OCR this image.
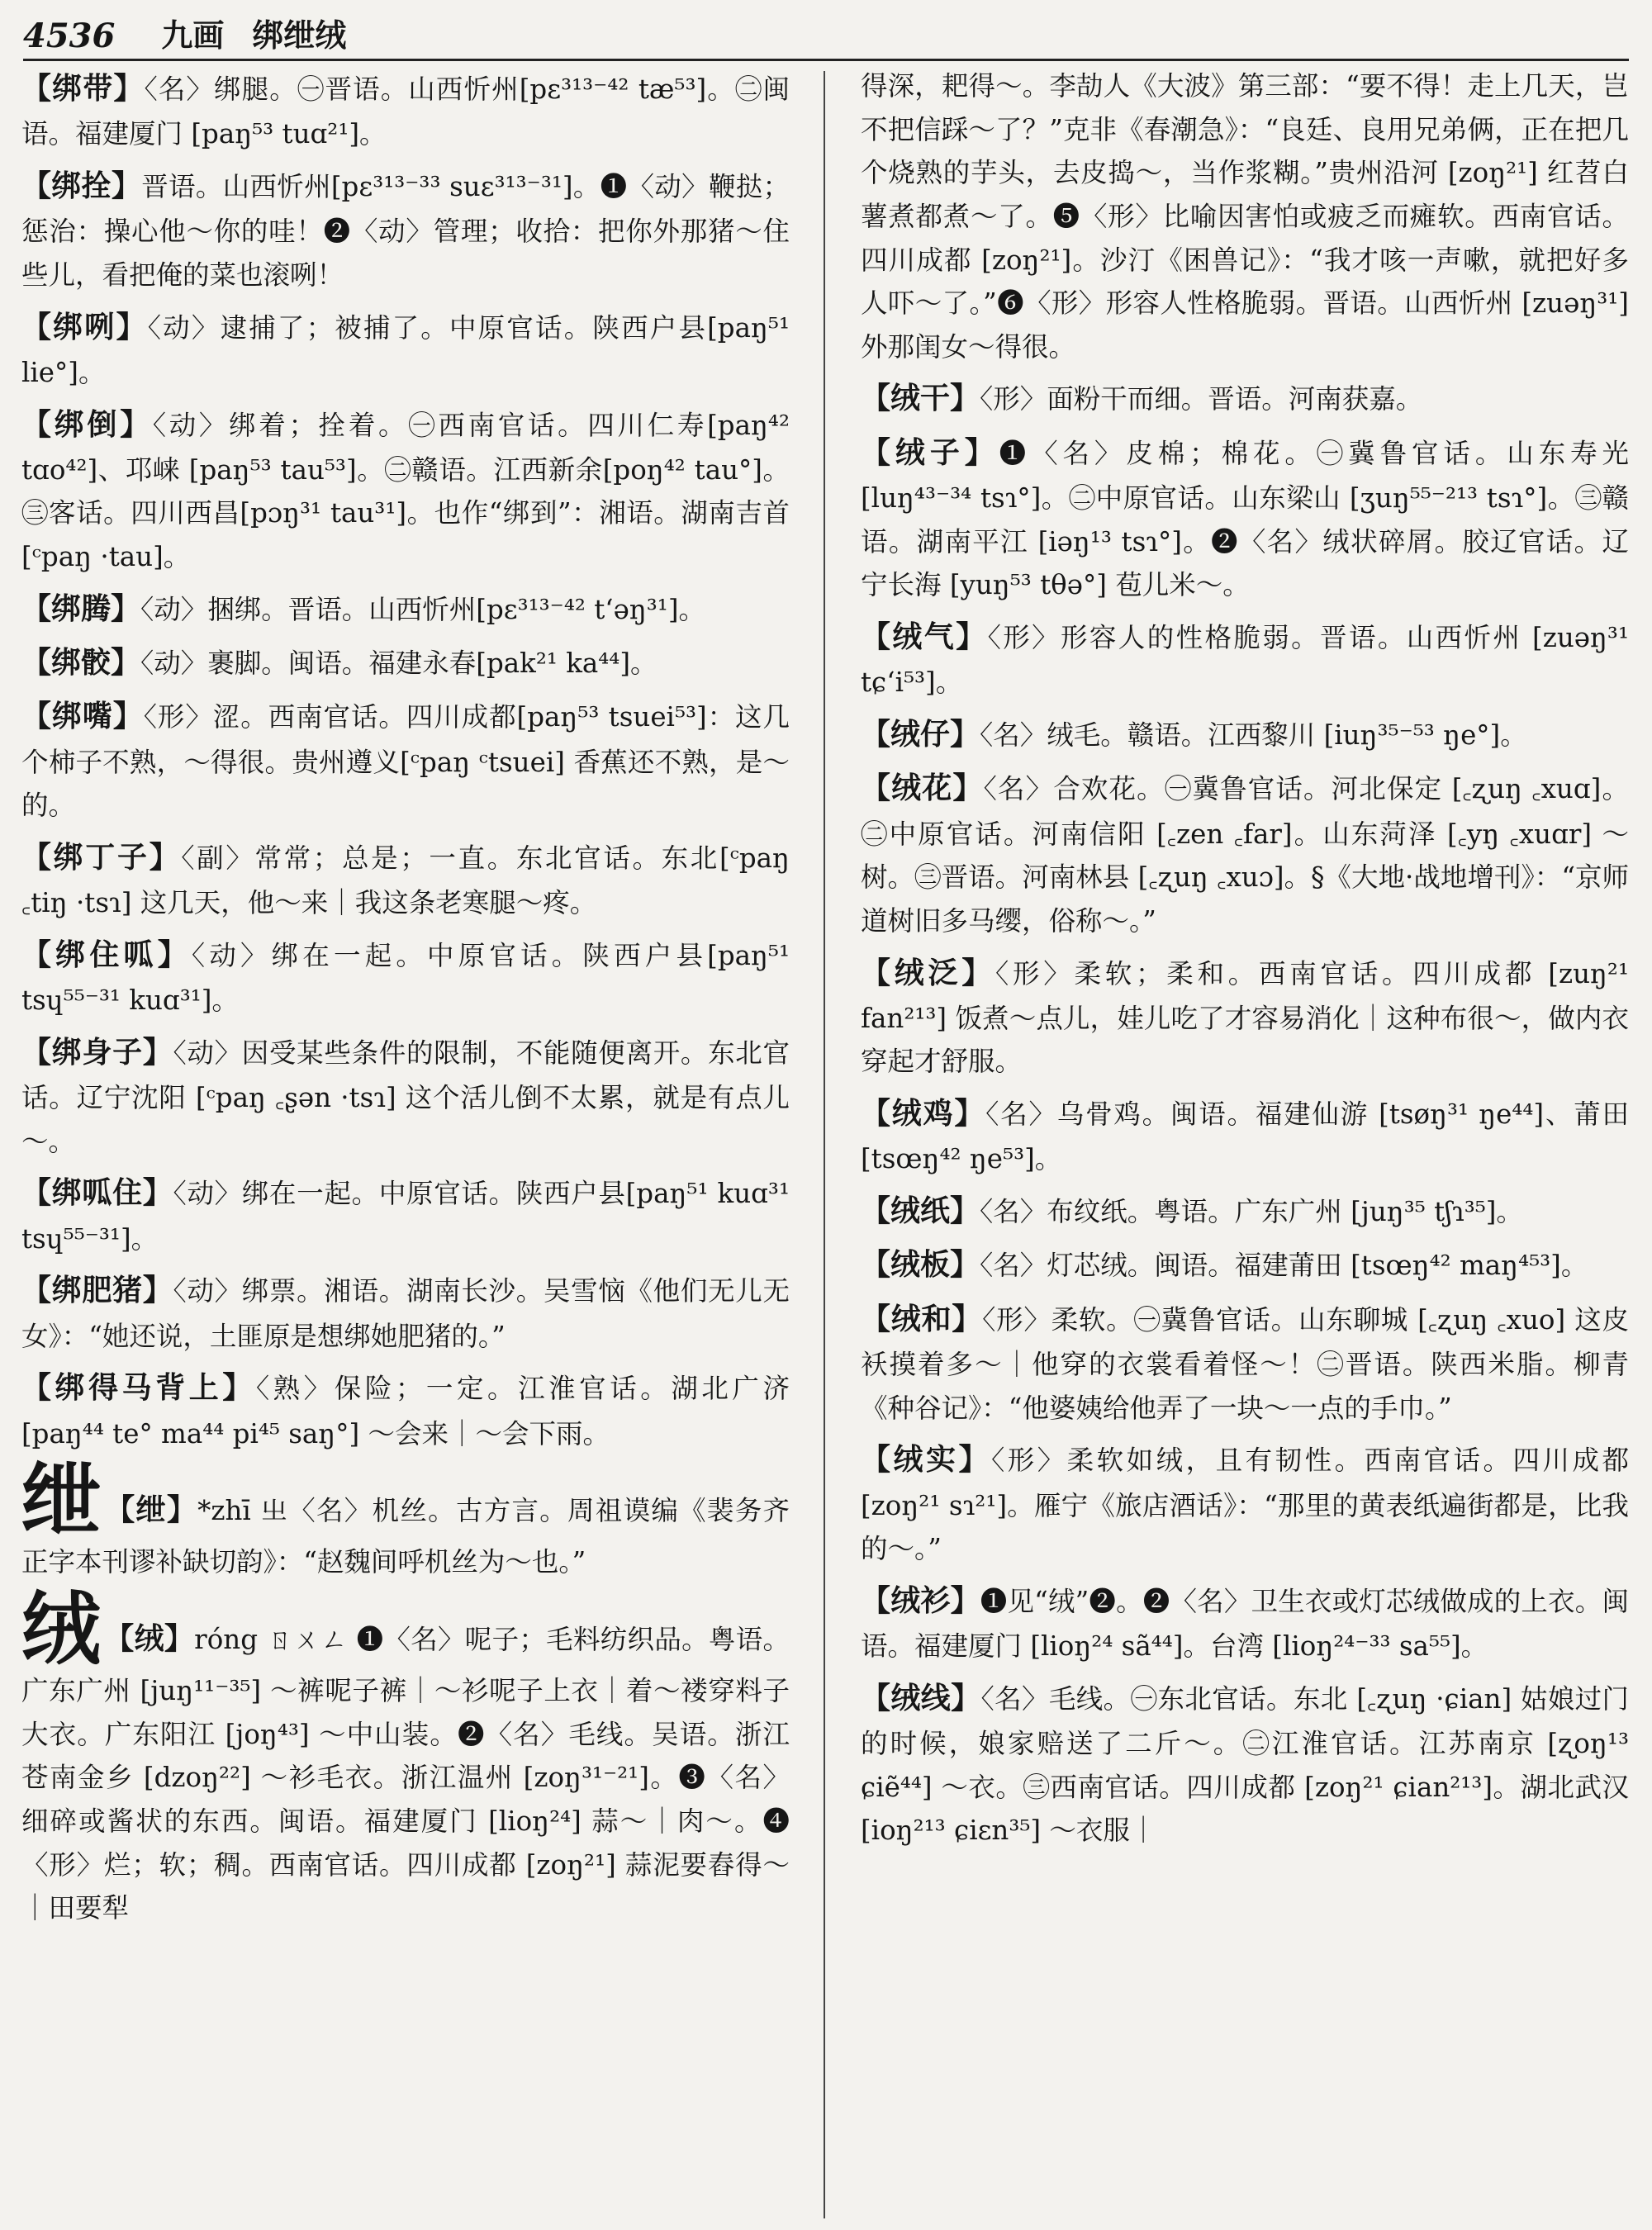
4536 九画 绑绁绒
【绑带】〈名〉绑腿。㊀晋语。山西忻州[pɛ³¹³⁻⁴² tæ⁵³]。㊁闽语。福建厦门 [paŋ⁵³ tuɑ²¹]。
【绑拴】晋语。山西忻州[pɛ³¹³⁻³³ suɛ³¹³⁻³¹]。❶〈动〉鞭挞；惩治：操心他～你的哇！❷〈动〉管理；收拾：把你外那猪～住些儿，看把俺的菜也滚咧！
【绑咧】〈动〉逮捕了；被捕了。中原官话。陕西户县[paŋ⁵¹ lie°]。
【绑倒】〈动〉绑着；拴着。㊀西南官话。四川仁寿[paŋ⁴² tɑo⁴²]、邛崃 [paŋ⁵³ tau⁵³]。㊁赣语。江西新余[poŋ⁴² tau°]。㊂客话。四川西昌[pɔŋ³¹ tau³¹]。也作“绑到”：湘语。湖南吉首 [ᶜpaŋ ·tau]。
【绑腾】〈动〉捆绑。晋语。山西忻州[pɛ³¹³⁻⁴² tʻəŋ³¹]。
【绑骹】〈动〉裹脚。闽语。福建永春[pak²¹ ka⁴⁴]。
【绑嘴】〈形〉涩。西南官话。四川成都[paŋ⁵³ tsuei⁵³]：这几个柿子不熟，～得很。贵州遵义[ᶜpaŋ ᶜtsuei] 香蕉还不熟，是～的。
【绑丁子】〈副〉常常；总是；一直。东北官话。东北[ᶜpaŋ ꜀tiŋ ·tsɿ] 这几天，他～来｜我这条老寒腿～疼。
【绑住呱】〈动〉绑在一起。中原官话。陕西户县[paŋ⁵¹ tsɥ⁵⁵⁻³¹ kuɑ³¹]。
【绑身子】〈动〉因受某些条件的限制，不能随便离开。东北官话。辽宁沈阳 [ᶜpaŋ ꜀ʂən ·tsɿ] 这个活儿倒不太累，就是有点儿～。
【绑呱住】〈动〉绑在一起。中原官话。陕西户县[paŋ⁵¹ kuɑ³¹ tsɥ⁵⁵⁻³¹]。
【绑肥猪】〈动〉绑票。湘语。湖南长沙。吴雪恼《他们无儿无女》：“她还说，土匪原是想绑她肥猪的。”
【绑得马背上】〈熟〉保险；一定。江淮官话。湖北广济 [paŋ⁴⁴ te° ma⁴⁴ pi⁴⁵ saŋ°] ～会来｜～会下雨。
绁 【绁】*zhī 㞢〈名〉机丝。古方言。周祖谟编《裴务齐正字本刊谬补缺切韵》：“赵魏间呼机丝为～也。”
绒 【绒】róng ㄖㄨㄥ ❶〈名〉呢子；毛料纺织品。粤语。广东广州 [juŋ¹¹⁻³⁵] ～裤呢子裤｜～衫呢子上衣｜着～褛穿料子大衣。广东阳江 [joŋ⁴³] ～中山装。❷〈名〉毛线。吴语。浙江苍南金乡 [dzoŋ²²] ～衫毛衣。浙江温州 [zoŋ³¹⁻²¹]。❸〈名〉细碎或酱状的东西。闽语。福建厦门 [lioŋ²⁴] 蒜～｜肉～。❹〈形〉烂；软；稠。西南官话。四川成都 [zoŋ²¹] 蒜泥要舂得～｜田要犁
得深，耙得～。李劼人《大波》第三部：“要不得！走上几天，岂不把信踩～了？”克非《春潮急》：“良廷、良用兄弟俩，正在把几个烧熟的芋头，去皮捣～，当作浆糊。”贵州沿河 [zoŋ²¹] 红苕白薯煮都煮～了。❺〈形〉比喻因害怕或疲乏而瘫软。西南官话。四川成都 [zoŋ²¹]。沙汀《困兽记》：“我才咳一声嗽，就把好多人吓～了。”❻〈形〉形容人性格脆弱。晋语。山西忻州 [zuəŋ³¹] 外那闺女～得很。
【绒干】〈形〉面粉干而细。晋语。河南获嘉。
【绒子】❶〈名〉皮棉；棉花。㊀冀鲁官话。山东寿光 [luŋ⁴³⁻³⁴ tsɿ°]。㊁中原官话。山东梁山 [ʒuŋ⁵⁵⁻²¹³ tsɿ°]。㊂赣语。湖南平江 [iəŋ¹³ tsɿ°]。❷〈名〉绒状碎屑。胶辽官话。辽宁长海 [yuŋ⁵³ tθə°] 苞儿米～。
【绒气】〈形〉形容人的性格脆弱。晋语。山西忻州 [zuəŋ³¹ tɕʻi⁵³]。
【绒仔】〈名〉绒毛。赣语。江西黎川 [iuŋ³⁵⁻⁵³ ŋe°]。
【绒花】〈名〉合欢花。㊀冀鲁官话。河北保定 [꜀ʐuŋ ꜀xuɑ]。㊁中原官话。河南信阳 [꜀zen ꜀far]。山东菏泽 [꜀yŋ ꜀xuɑr] ～树。㊂晋语。河南林县 [꜀ʐuŋ ꜀xuɔ]。§《大地·战地增刊》：“京师道树旧多马缨，俗称～。”
【绒泛】〈形〉柔软；柔和。西南官话。四川成都 [zuŋ²¹ fan²¹³] 饭煮～点儿，娃儿吃了才容易消化｜这种布很～，做内衣穿起才舒服。
【绒鸡】〈名〉乌骨鸡。闽语。福建仙游 [tsøŋ³¹ ŋe⁴⁴]、莆田 [tsœŋ⁴² ŋe⁵³]。
【绒纸】〈名〉布纹纸。粤语。广东广州 [juŋ³⁵ tʃɿ³⁵]。
【绒板】〈名〉灯芯绒。闽语。福建莆田 [tsœŋ⁴² maŋ⁴⁵³]。
【绒和】〈形〉柔软。㊀冀鲁官话。山东聊城 [꜀ʐuŋ ꜀xuo] 这皮袄摸着多～｜他穿的衣裳看着怪～！㊁晋语。陕西米脂。柳青《种谷记》：“他婆姨给他弄了一块～一点的手巾。”
【绒实】〈形〉柔软如绒，且有韧性。西南官话。四川成都 [zoŋ²¹ sɿ²¹]。雁宁《旅店酒话》：“那里的黄表纸遍街都是，比我的～。”
【绒衫】❶见“绒”❷。❷〈名〉卫生衣或灯芯绒做成的上衣。闽语。福建厦门 [lioŋ²⁴ sã⁴⁴]。台湾 [lioŋ²⁴⁻³³ sa⁵⁵]。
【绒线】〈名〉毛线。㊀东北官话。东北 [꜀ʐuŋ ·ɕian] 姑娘过门的时候，娘家赔送了二斤～。㊁江淮官话。江苏南京 [ʐoŋ¹³ ɕiẽ⁴⁴] ～衣。㊂西南官话。四川成都 [zoŋ²¹ ɕian²¹³]。湖北武汉 [ioŋ²¹³ ɕiɛn³⁵] ～衣服｜
